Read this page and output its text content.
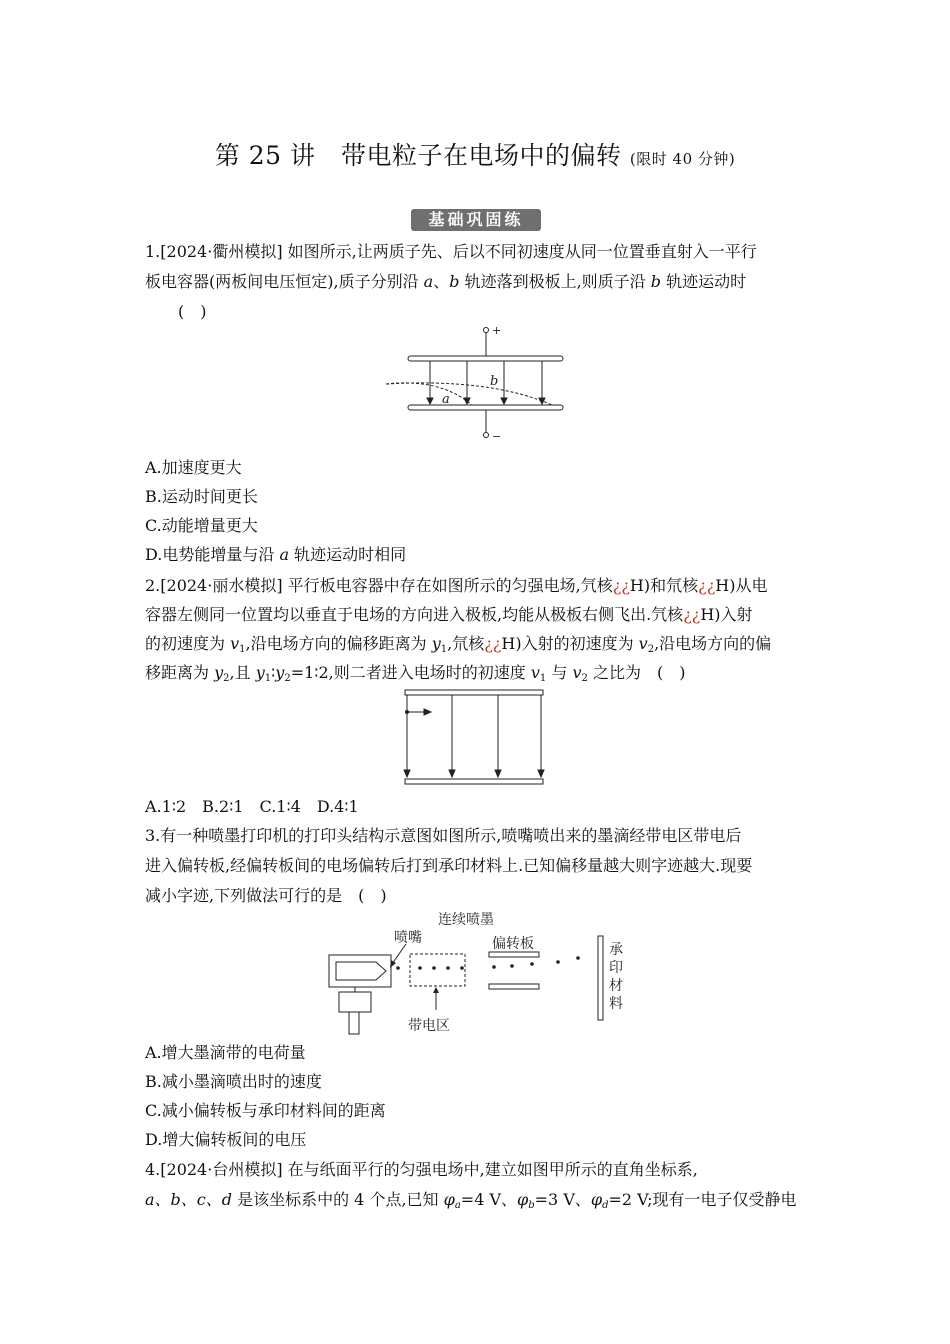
第 25 讲　带电粒子在电场中的偏转 (限时 40 分钟)
基础巩固练
1.[2024·衢州模拟] 如图所示,让两质子先、后以不同初速度从同一位置垂直射入一平行
板电容器(两板间电压恒定),质子分别沿 a、b 轨迹落到极板上,则质子沿 b 轨迹运动时
(　)
+
−
a
b
A.加速度更大
B.运动时间更长
C.动能增量更大
D.电势能增量与沿 a 轨迹运动时相同
2.[2024·丽水模拟] 平行板电容器中存在如图所示的匀强电场,氕核¿¿H)和氘核¿¿H)从电
容器左侧同一位置均以垂直于电场的方向进入极板,均能从极板右侧飞出.氕核¿¿H)入射
的初速度为 $v_1$,沿电场方向的偏移距离为 $y_1$,氘核¿¿H)入射的初速度为 $v_2$,沿电场方向的偏
移距离为 $y_2$,且 $y_1∶y_2=1∶2$,则二者进入电场时的初速度 $v_1$ 与 $v_2$ 之比为　(　)
A.1∶2　B.2∶1　C.1∶4　D.4∶1
3.有一种喷墨打印机的打印头结构示意图如图所示,喷嘴喷出来的墨滴经带电区带电后
进入偏转板,经偏转板间的电场偏转后打到承印材料上.已知偏移量越大则字迹越大.现要
减小字迹,下列做法可行的是　(　)
喷嘴
连续喷墨
偏转板
带电区
承
印
材
料
A.增大墨滴带的电荷量
B.减小墨滴喷出时的速度
C.减小偏转板与承印材料间的距离
D.增大偏转板间的电压
4.[2024·台州模拟] 在与纸面平行的匀强电场中,建立如图甲所示的直角坐标系,
a、b、c、d 是该坐标系中的 4 个点,已知 $\varphi_a=4$ V、$\varphi_b=3$ V、$\varphi_d=2$ V;现有一电子仅受静电
